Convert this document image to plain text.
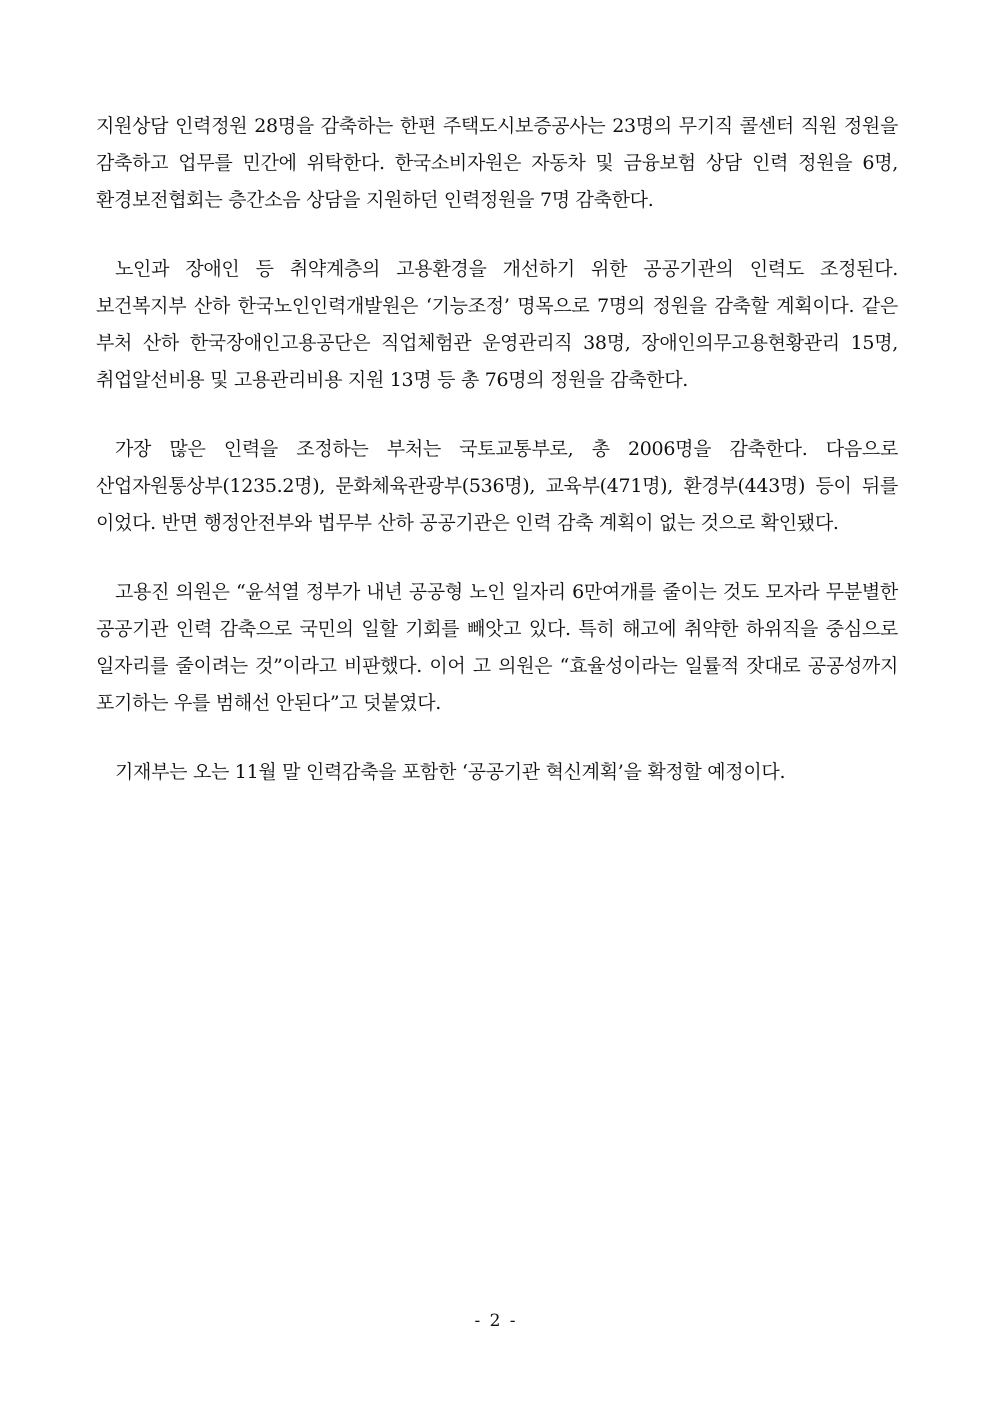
지원상담 인력정원 28명을 감축하는 한편 주택도시보증공사는 23명의 무기직 콜센터 직원 정원을 감축하고 업무를 민간에 위탁한다. 한국소비자원은 자동차 및 금융보험 상담 인력 정원을 6명, 환경보전협회는 층간소음 상담을 지원하던 인력정원을 7명 감축한다.

노인과 장애인 등 취약계층의 고용환경을 개선하기 위한 공공기관의 인력도 조정된다. 보건복지부 산하 한국노인인력개발원은 ‘기능조정’ 명목으로 7명의 정원을 감축할 계획이다. 같은 부처 산하 한국장애인고용공단은 직업체험관 운영관리직 38명, 장애인의무고용현황관리 15명, 취업알선비용 및 고용관리비용 지원 13명 등 총 76명의 정원을 감축한다.

가장 많은 인력을 조정하는 부처는 국토교통부로, 총 2006명을 감축한다. 다음으로 산업자원통상부(1235.2명), 문화체육관광부(536명), 교육부(471명), 환경부(443명) 등이 뒤를 이었다. 반면 행정안전부와 법무부 산하 공공기관은 인력 감축 계획이 없는 것으로 확인됐다.

고용진 의원은 “윤석열 정부가 내년 공공형 노인 일자리 6만여개를 줄이는 것도 모자라 무분별한 공공기관 인력 감축으로 국민의 일할 기회를 빼앗고 있다. 특히 해고에 취약한 하위직을 중심으로 일자리를 줄이려는 것”이라고 비판했다. 이어 고 의원은 “효율성이라는 일률적 잣대로 공공성까지 포기하는 우를 범해선 안된다”고 덧붙였다.

기재부는 오는 11월 말 인력감축을 포함한 ‘공공기관 혁신계획’을 확정할 예정이다.

- 2 -
